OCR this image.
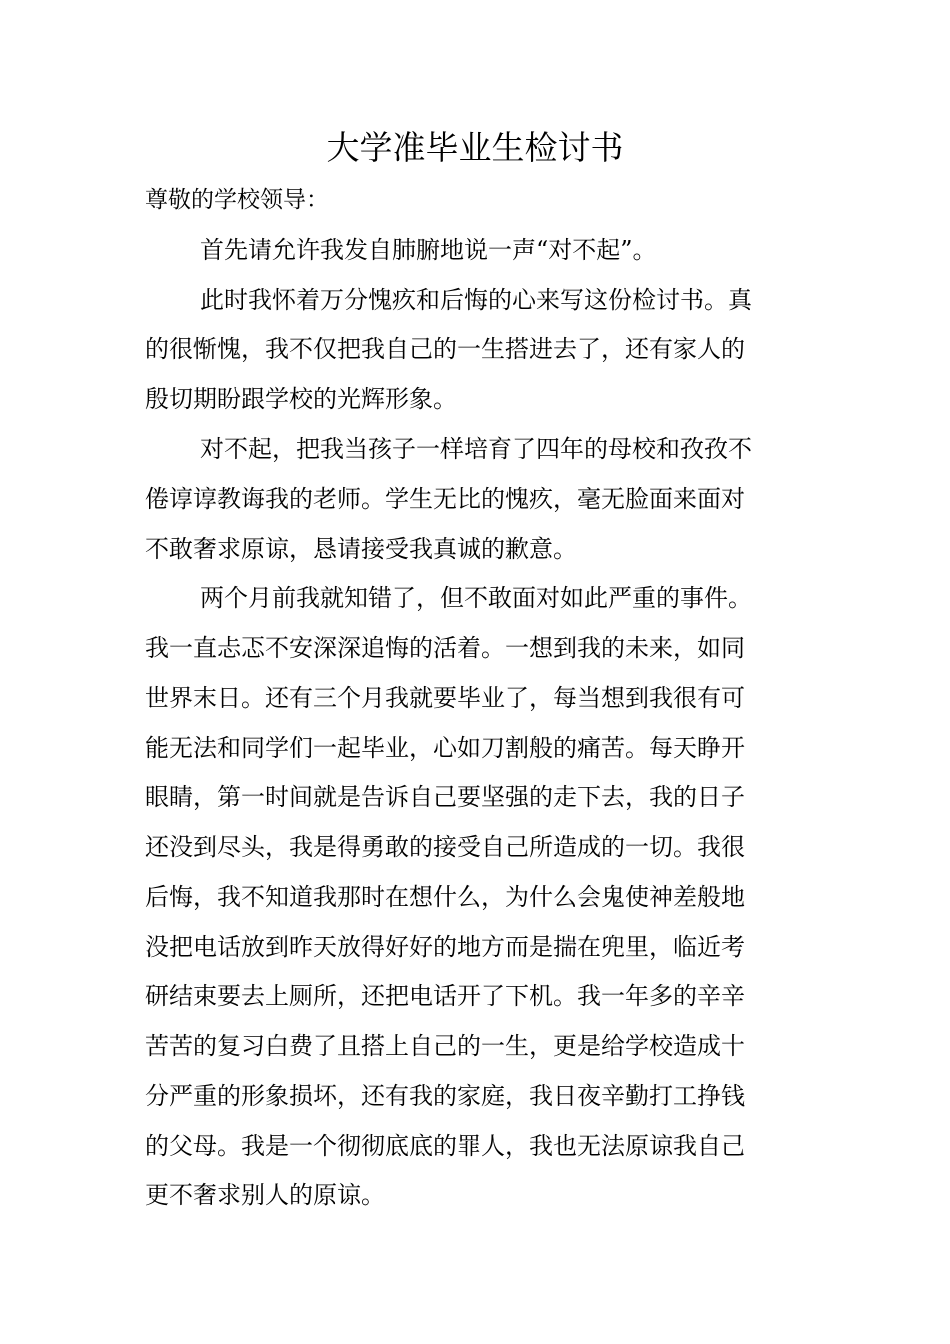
大学准毕业生检讨书

尊敬的学校领导：

首先请允许我发自肺腑地说一声“对不起”。

此时我怀着万分愧疚和后悔的心来写这份检讨书。真

的很惭愧，我不仅把我自己的一生搭进去了，还有家人的

殷切期盼跟学校的光辉形象。

对不起，把我当孩子一样培育了四年的母校和孜孜不

倦谆谆教诲我的老师。学生无比的愧疚，毫无脸面来面对

不敢奢求原谅，恳请接受我真诚的歉意。

两个月前我就知错了，但不敢面对如此严重的事件。

我一直忐忑不安深深追悔的活着。一想到我的未来，如同

世界末日。还有三个月我就要毕业了，每当想到我很有可

能无法和同学们一起毕业，心如刀割般的痛苦。每天睁开

眼睛，第一时间就是告诉自己要坚强的走下去，我的日子

还没到尽头，我是得勇敢的接受自己所造成的一切。我很

后悔，我不知道我那时在想什么，为什么会鬼使神差般地

没把电话放到昨天放得好好的地方而是揣在兜里，临近考

研结束要去上厕所，还把电话开了下机。我一年多的辛辛

苦苦的复习白费了且搭上自己的一生，更是给学校造成十

分严重的形象损坏，还有我的家庭，我日夜辛勤打工挣钱

的父母。我是一个彻彻底底的罪人，我也无法原谅我自己

更不奢求别人的原谅。
